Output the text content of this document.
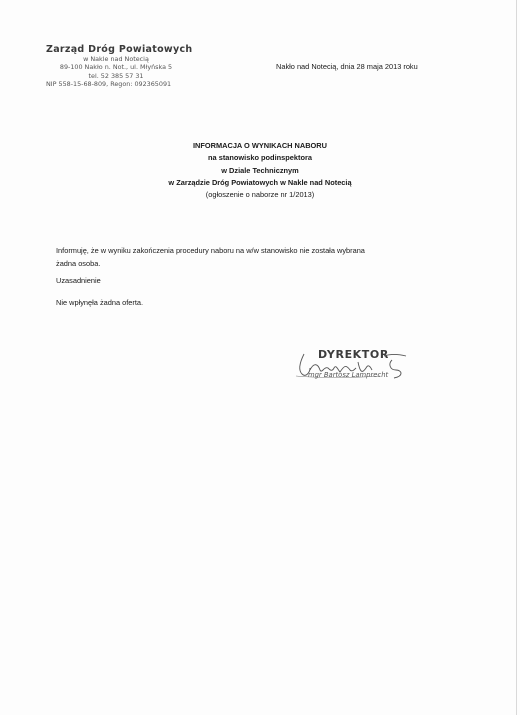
Zarząd Dróg Powiatowych
w Nakle nad Notecią
89-100 Nakło n. Not., ul. Młyńska 5
tel. 52 385 57 31
NIP 558-15-68-809, Regon: 092365091
Nakło nad Notecią, dnia 28 maja 2013 roku
INFORMACJA O WYNIKACH NABORU
na stanowisko podinspektora
w Dziale Technicznym
w Zarządzie Dróg Powiatowych w Nakle nad Notecią
(ogłoszenie o naborze nr 1/2013)
Informuję, że w wyniku zakończenia procedury naboru na w/w stanowisko nie została wybrana
żadna osoba.
Uzasadnienie
Nie wpłynęła żadna oferta.
DYREKTOR
mgr Bartosz Lamprecht
